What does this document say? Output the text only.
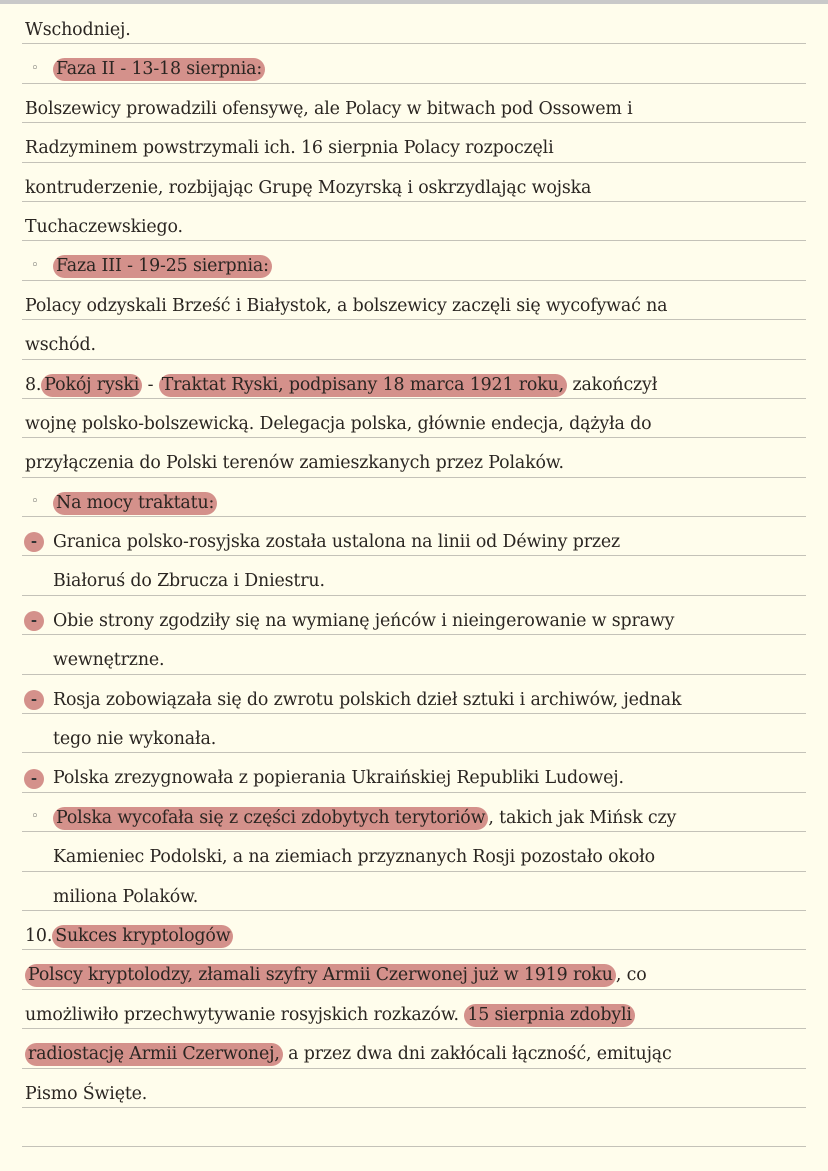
Wschodniej.
◦ Faza II - 13-18 sierpnia:
Bolszewicy prowadzili ofensywę, ale Polacy w bitwach pod Ossowem i
Radzyminem powstrzymali ich. 16 sierpnia Polacy rozpoczęli
kontruderzenie, rozbijając Grupę Mozyrską i oskrzydlając wojska
Tuchaczewskiego.
◦ Faza III - 19-25 sierpnia:
Polacy odzyskali Brześć i Białystok, a bolszewicy zaczęli się wycofywać na
wschód.
8. Pokój ryski - Traktat Ryski, podpisany 18 marca 1921 roku, zakończył
wojnę polsko-bolszewicką. Delegacja polska, głównie endecja, dążyła do
przyłączenia do Polski terenów zamieszkanych przez Polaków.
◦ Na mocy traktatu:
- Granica polsko-rosyjska została ustalona na linii od Déwiny przez
Białoruś do Zbrucza i Dniestru.
- Obie strony zgodziły się na wymianę jeńców i nieingerowanie w sprawy
wewnętrzne.
- Rosja zobowiązała się do zwrotu polskich dzieł sztuki i archiwów, jednak
tego nie wykonała.
- Polska zrezygnowała z popierania Ukraińskiej Republiki Ludowej.
◦ Polska wycofała się z części zdobytych terytoriów , takich jak Mińsk czy
Kamieniec Podolski, a na ziemiach przyznanych Rosji pozostało około
miliona Polaków.
10. Sukces kryptologów
Polscy kryptolodzy, złamali szyfry Armii Czerwonej już w 1919 roku , co
umożliwiło przechwytywanie rosyjskich rozkazów. 15 sierpnia zdobyli
radiostację Armii Czerwonej, a przez dwa dni zakłócali łączność, emitując
Pismo Święte.
